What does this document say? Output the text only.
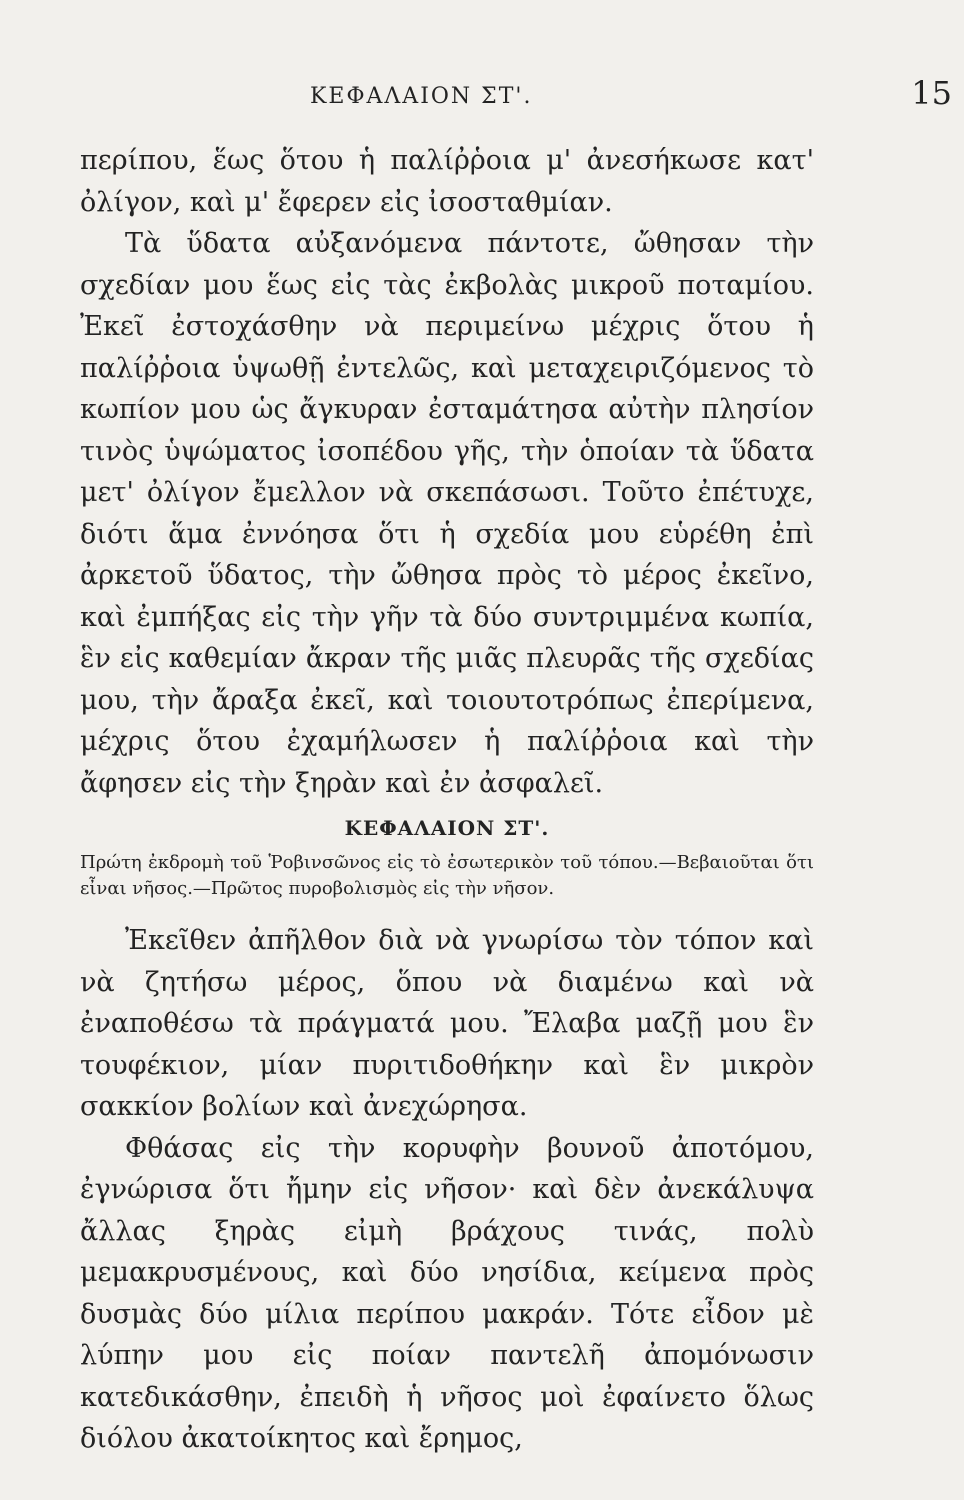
ΚΕΦΑΛΑΙΟΝ ΣΤ'.	15

περίπου, ἕως ὅτου ἡ παλίῤῥοια μ' ἀνεσήκωσε κατ' ὀλίγον, καὶ μ' ἔφερεν εἰς ἰσοσταθμίαν.

Τὰ ὕδατα αὐξανόμενα πάντοτε, ὤθησαν τὴν σχεδίαν μου ἕως εἰς τὰς ἐκβολὰς μικροῦ ποταμίου. Ἐκεῖ ἐστοχάσθην νὰ περιμείνω μέχρις ὅτου ἡ παλίῤῥοια ὑψωθῇ ἐντελῶς, καὶ μεταχειριζόμενος τὸ κωπίον μου ὡς ἄγκυραν ἐσταμάτησα αὐτὴν πλησίον τινὸς ὑψώματος ἰσοπέδου γῆς, τὴν ὁποίαν τὰ ὕδατα μετ' ὀλίγον ἔμελλον νὰ σκεπάσωσι. Τοῦτο ἐπέτυχε, διότι ἅμα ἐννόησα ὅτι ἡ σχεδία μου εὑρέθη ἐπὶ ἀρκετοῦ ὕδατος, τὴν ὤθησα πρὸς τὸ μέρος ἐκεῖνο, καὶ ἐμπήξας εἰς τὴν γῆν τὰ δύο συντριμμένα κωπία, ἓν εἰς καθεμίαν ἄκραν τῆς μιᾶς πλευρᾶς τῆς σχεδίας μου, τὴν ἄραξα ἐκεῖ, καὶ τοιουτοτρόπως ἐπερίμενα, μέχρις ὅτου ἐχαμήλωσεν ἡ παλίῤῥοια καὶ τὴν ἄφησεν εἰς τὴν ξηρὰν καὶ ἐν ἀσφαλεῖ.

ΚΕΦΑΛΑΙΟΝ ΣΤ'.

Πρώτη ἐκδρομὴ τοῦ Ῥοβινσῶνος εἰς τὸ ἐσωτερικὸν τοῦ τόπου.—Βεβαιοῦται ὅτι εἶναι νῆσος.—Πρῶτος πυροβολισμὸς εἰς τὴν νῆσον.

Ἐκεῖθεν ἀπῆλθον διὰ νὰ γνωρίσω τὸν τόπον καὶ νὰ ζητήσω μέρος, ὅπου νὰ διαμένω καὶ νὰ ἐναποθέσω τὰ πράγματά μου. Ἔλαβα μαζῇ μου ἓν τουφέκιον, μίαν πυριτιδοθήκην καὶ ἓν μικρὸν σακκίον βολίων καὶ ἀνεχώρησα.

Φθάσας εἰς τὴν κορυφὴν βουνοῦ ἀποτόμου, ἐγνώρισα ὅτι ἤμην εἰς νῆσον· καὶ δὲν ἀνεκάλυψα ἄλλας ξηρὰς εἰμὴ βράχους τινάς, πολὺ μεμακρυσμένους, καὶ δύο νησίδια, κείμενα πρὸς δυσμὰς δύο μίλια περίπου μακράν. Τότε εἶδον μὲ λύπην μου εἰς ποίαν παντελῆ ἀπομόνωσιν κατεδικάσθην, ἐπειδὴ ἡ νῆσος μοὶ ἐφαίνετο ὅλως διόλου ἀκατοίκητος καὶ ἔρημος,
